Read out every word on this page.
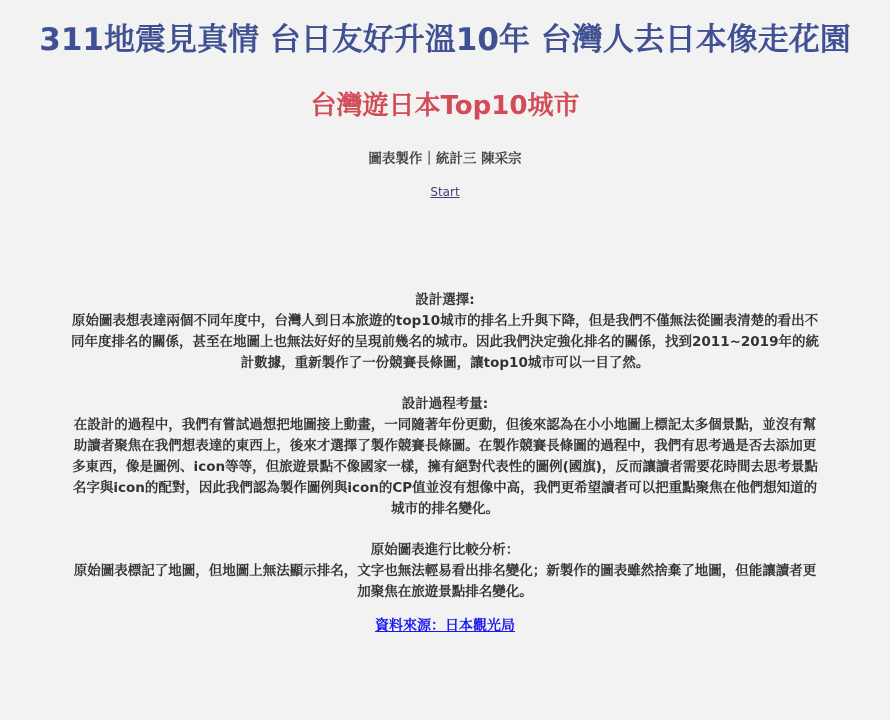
311地震見真情 台日友好升溫10年 台灣人去日本像走花園
台灣遊日本Top10城市
圖表製作｜統計三 陳采宗
Start
設計選擇:
原始圖表想表達兩個不同年度中，台灣人到日本旅遊的top10城市的排名上升與下降，但是我們不僅無法從圖表清楚的看出不同年度排名的關係，甚至在地圖上也無法好好的呈現前幾名的城市。因此我們決定強化排名的關係，找到2011~2019年的統計數據，重新製作了一份競賽長條圖，讓top10城市可以一目了然。
設計過程考量:
在設計的過程中，我們有嘗試過想把地圖接上動畫，一同隨著年份更動，但後來認為在小小地圖上標記太多個景點，並沒有幫助讀者聚焦在我們想表達的東西上，後來才選擇了製作競賽長條圖。在製作競賽長條圖的過程中，我們有思考過是否去添加更多東西，像是圖例、icon等等，但旅遊景點不像國家一樣，擁有絕對代表性的圖例(國旗)，反而讓讀者需要花時間去思考景點名字與icon的配對，因此我們認為製作圖例與icon的CP值並沒有想像中高，我們更希望讀者可以把重點聚焦在他們想知道的城市的排名變化。
原始圖表進行比較分析：
原始圖表標記了地圖，但地圖上無法顯示排名，文字也無法輕易看出排名變化；新製作的圖表雖然捨棄了地圖，但能讓讀者更加聚焦在旅遊景點排名變化。
資料來源：日本觀光局
